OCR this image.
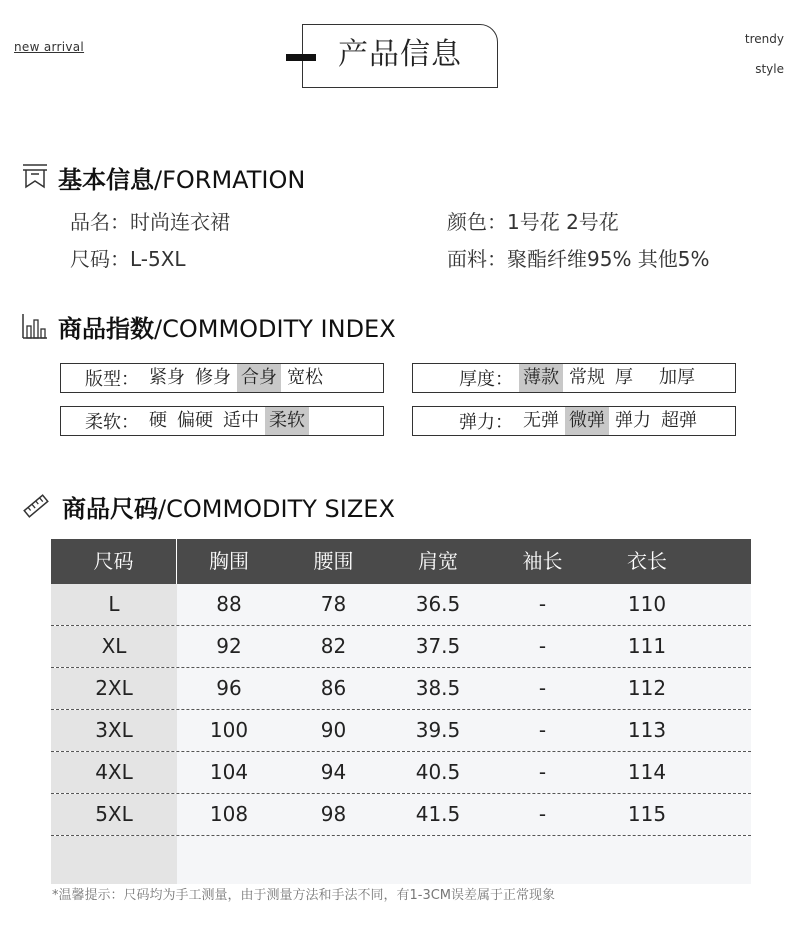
new arrival
trendy
style
产品信息
基本信息/FORMATION
品名：时尚连衣裙
尺码：L-5XL
颜色：1号花 2号花
面料：聚酯纤维95% 其他5%
商品指数/COMMODITY INDEX
版型： 紧身 修身 合身 宽松	厚度： 薄款 常规 厚 加厚
柔软： 硬 偏硬 适中 柔软	弹力： 无弹 微弹 弹力 超弹
商品尺码/COMMODITY SIZEX
尺码	胸围	腰围	肩宽	袖长	衣长
L	88	78	36.5	-	110
XL	92	82	37.5	-	111
2XL	96	86	38.5	-	112
3XL	100	90	39.5	-	113
4XL	104	94	40.5	-	114
5XL	108	98	41.5	-	115
*温馨提示：尺码均为手工测量，由于测量方法和手法不同，有1-3CM误差属于正常现象
